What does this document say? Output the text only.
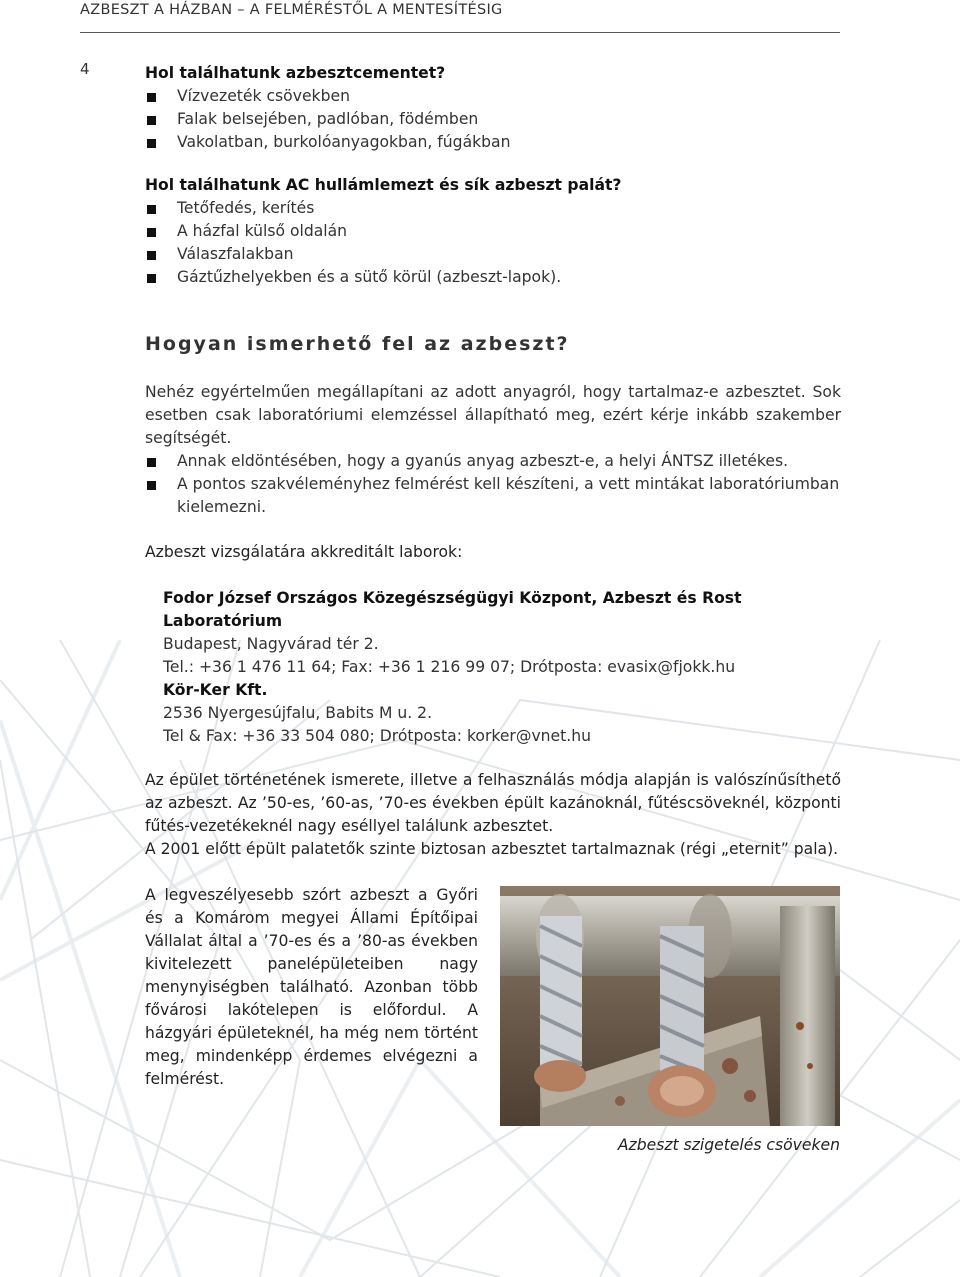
AZBESZT A HÁZBAN – A FELMÉRÉSTŐL A MENTESÍTÉSIG
4	Hol találhatunk azbesztcementet?
Vízvezeték csövekben
Falak belsejében, padlóban, födémben
Vakolatban, burkolóanyagokban, fúgákban
Hol találhatunk AC hullámlemezt és sík azbeszt palát?
Tetőfedés, kerítés
A házfal külső oldalán
Válaszfalakban
Gáztűzhelyekben és a sütő körül (azbeszt-lapok).
Hogyan ismerhető fel az azbeszt?

Nehéz egyértelműen megállapítani az adott anyagról, hogy tartalmaz-e azbesztet. Sok esetben csak laboratóriumi elemzéssel állapítható meg, ezért kérje inkább szakember segítségét.

Annak eldöntésében, hogy a gyanús anyag azbeszt-e, a helyi ÁNTSZ illetékes.
A pontos szakvéleményhez felmérést kell készíteni, a vett mintákat laboratóriumban kielemezni.
Azbeszt vizsgálatára akkreditált laborok:
Fodor József Országos Közegészségügyi Központ, Azbeszt és Rost Laboratórium
Budapest, Nagyvárad tér 2.
Tel.: +36 1 476 11 64; Fax: +36 1 216 99 07; Drótposta: evasix@fjokk.hu
Kör-Ker Kft.
2536 Nyergesújfalu, Babits M u. 2.
Tel & Fax: +36 33 504 080; Drótposta: korker@vnet.hu

Az épület történetének ismerete, illetve a felhasználás módja alapján is valószínűsíthető az azbeszt. Az ’50-es, ’60-as, ’70-es években épült kazánoknál, fűtéscsöveknél, központi fűtés-vezetékeknél nagy eséllyel találunk azbesztet.

A 2001 előtt épült palatetők szinte biztosan azbesztet tartalmaznak (régi „eternit” pala).

A legveszélyesebb szórt azbeszt a Győri és a Komárom megyei Állami Építőipai Vállalat által a ’70-es és a ’80-as években kivitelezett panelépületeiben nagy menynyiségben található. Azonban több fővárosi lakótelepen is előfordul. A házgyári épületeknél, ha még nem történt meg, mindenképp érdemes elvégezni a felmérést.
Azbeszt szigetelés csöveken
